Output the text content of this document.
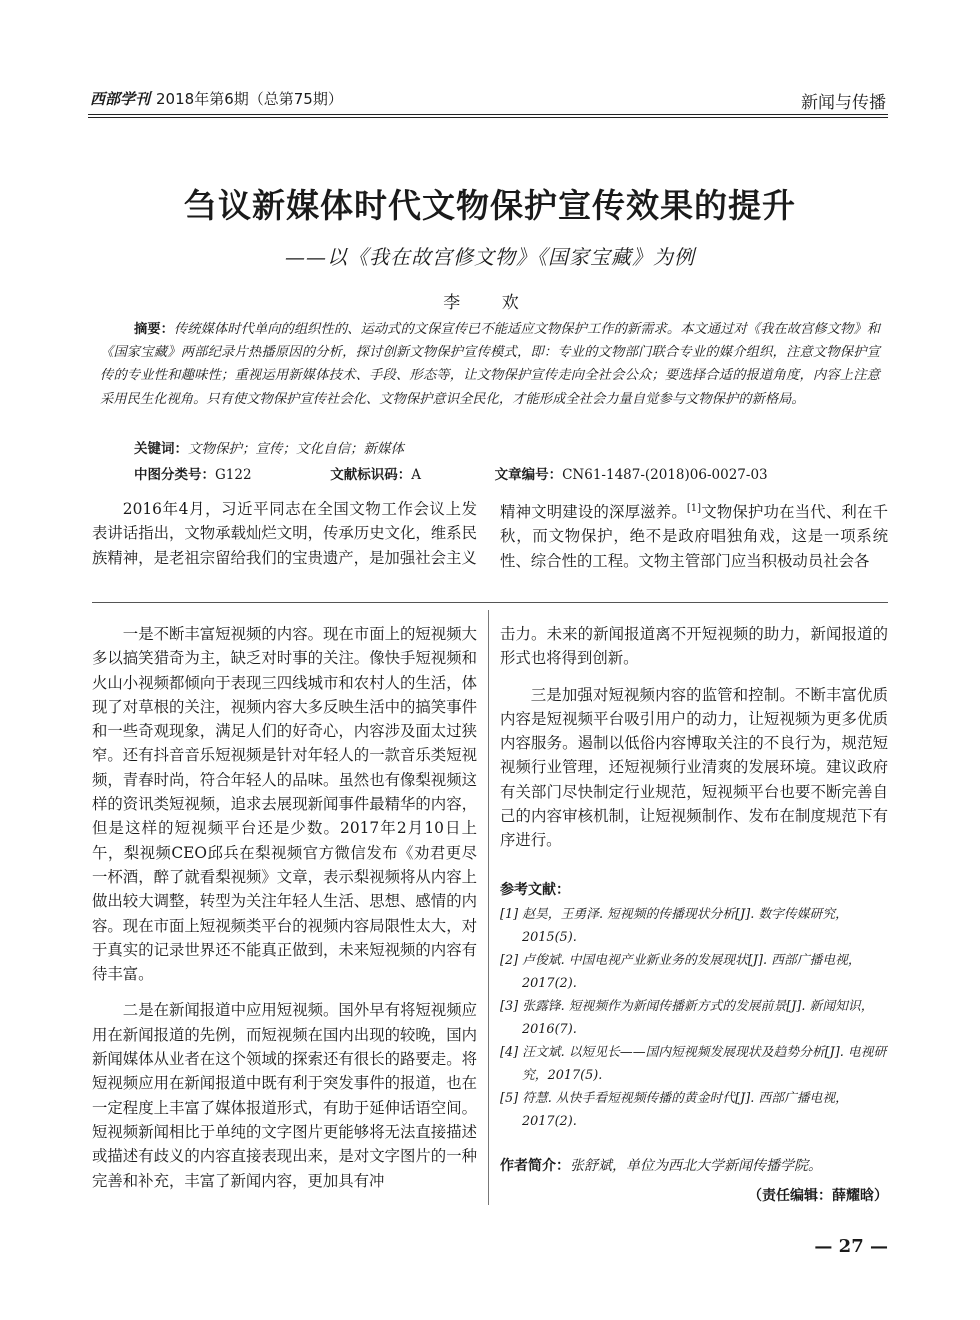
西部学刊 2018年第6期（总第75期）	新闻与传播
刍议新媒体时代文物保护宣传效果的提升
——以《我在故宫修文物》《国家宝藏》为例
李 欢
摘要：传统媒体时代单向的组织性的、运动式的文保宣传已不能适应文物保护工作的新需求。本文通过对《我在故宫修文物》和《国家宝藏》两部纪录片热播原因的分析，探讨创新文物保护宣传模式，即：专业的文物部门联合专业的媒介组织，注意文物保护宣传的专业性和趣味性；重视运用新媒体技术、手段、形态等，让文物保护宣传走向全社会公众；要选择合适的报道角度，内容上注意采用民生化视角。只有使文物保护宣传社会化、文物保护意识全民化，才能形成全社会力量自觉参与文物保护的新格局。
关键词：文物保护；宣传；文化自信；新媒体
中图分类号：G122	文献标识码：A	文章编号：CN61-1487-(2018)06-0027-03

2016年4月，习近平同志在全国文物工作会议上发表讲话指出，文物承载灿烂文明，传承历史文化，维系民族精神，是老祖宗留给我们的宝贵遗产，是加强社会主义

精神文明建设的深厚滋养。[1]文物保护功在当代、利在千秋，而文物保护，绝不是政府唱独角戏，这是一项系统性、综合性的工程。文物主管部门应当积极动员社会各

一是不断丰富短视频的内容。现在市面上的短视频大多以搞笑猎奇为主，缺乏对时事的关注。像快手短视频和火山小视频都倾向于表现三四线城市和农村人的生活，体现了对草根的关注，视频内容大多反映生活中的搞笑事件和一些奇观现象，满足人们的好奇心，内容涉及面太过狭窄。还有抖音音乐短视频是针对年轻人的一款音乐类短视频，青春时尚，符合年轻人的品味。虽然也有像梨视频这样的资讯类短视频，追求去展现新闻事件最精华的内容，但是这样的短视频平台还是少数。2017年2月10日上午，梨视频CEO邱兵在梨视频官方微信发布《劝君更尽一杯酒，醉了就看梨视频》文章，表示梨视频将从内容上做出较大调整，转型为关注年轻人生活、思想、感情的内容。现在市面上短视频类平台的视频内容局限性太大，对于真实的记录世界还不能真正做到，未来短视频的内容有待丰富。

二是在新闻报道中应用短视频。国外早有将短视频应用在新闻报道的先例，而短视频在国内出现的较晚，国内新闻媒体从业者在这个领域的探索还有很长的路要走。将短视频应用在新闻报道中既有利于突发事件的报道，也在一定程度上丰富了媒体报道形式，有助于延伸话语空间。短视频新闻相比于单纯的文字图片更能够将无法直接描述或描述有歧义的内容直接表现出来，是对文字图片的一种完善和补充，丰富了新闻内容，更加具有冲

击力。未来的新闻报道离不开短视频的助力，新闻报道的形式也将得到创新。

三是加强对短视频内容的监管和控制。不断丰富优质内容是短视频平台吸引用户的动力，让短视频为更多优质内容服务。遏制以低俗内容博取关注的不良行为，规范短视频行业管理，还短视频行业清爽的发展环境。建议政府有关部门尽快制定行业规范，短视频平台也要不断完善自己的内容审核机制，让短视频制作、发布在制度规范下有序进行。

参考文献：
[1] 赵昊，王勇泽. 短视频的传播现状分析[J]. 数字传媒研究，2015(5).
[2] 卢俊斌. 中国电视产业新业务的发展现状[J]. 西部广播电视，2017(2).
[3] 张露锋. 短视频作为新闻传播新方式的发展前景[J]. 新闻知识，2016(7).
[4] 汪文斌. 以短见长——国内短视频发展现状及趋势分析[J]. 电视研究，2017(5).
[5] 符慧. 从快手看短视频传播的黄金时代[J]. 西部广播电视，2017(2).
作者简介：张舒斌，单位为西北大学新闻传播学院。
（责任编辑：薛耀晗）
— 27 —
